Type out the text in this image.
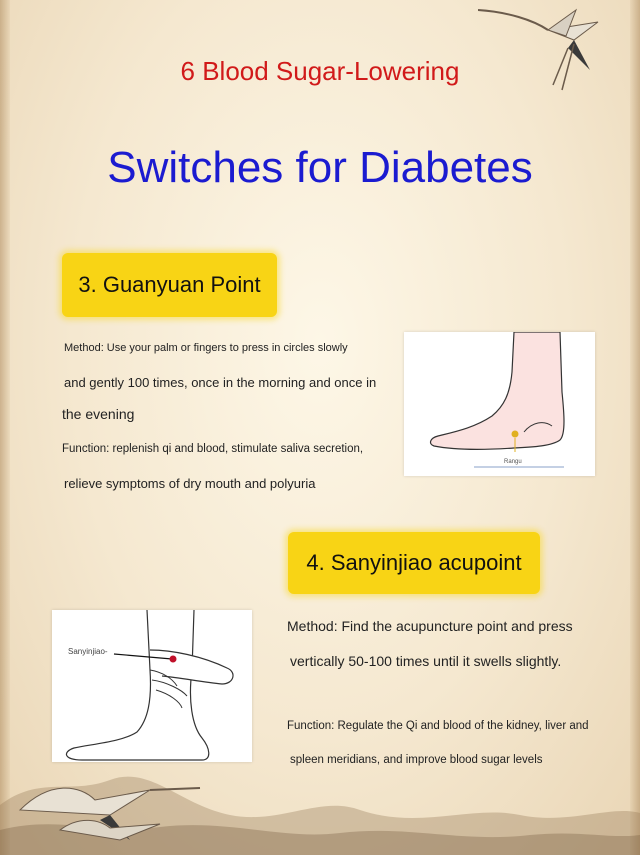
6 Blood Sugar-Lowering
Switches for Diabetes
3. Guanyuan Point
Method: Use your palm or fingers to press in circles slowly
and gently 100 times, once in the morning and once in
the evening
Function: replenish qi and blood, stimulate saliva secretion,
relieve symptoms of dry mouth and polyuria
Rangu
4. Sanyinjiao acupoint
Method: Find the acupuncture point and press
vertically 50-100 times until it swells slightly.
Function: Regulate the Qi and blood of the kidney, liver and
spleen meridians, and improve blood sugar levels
Sanyinjiao-
